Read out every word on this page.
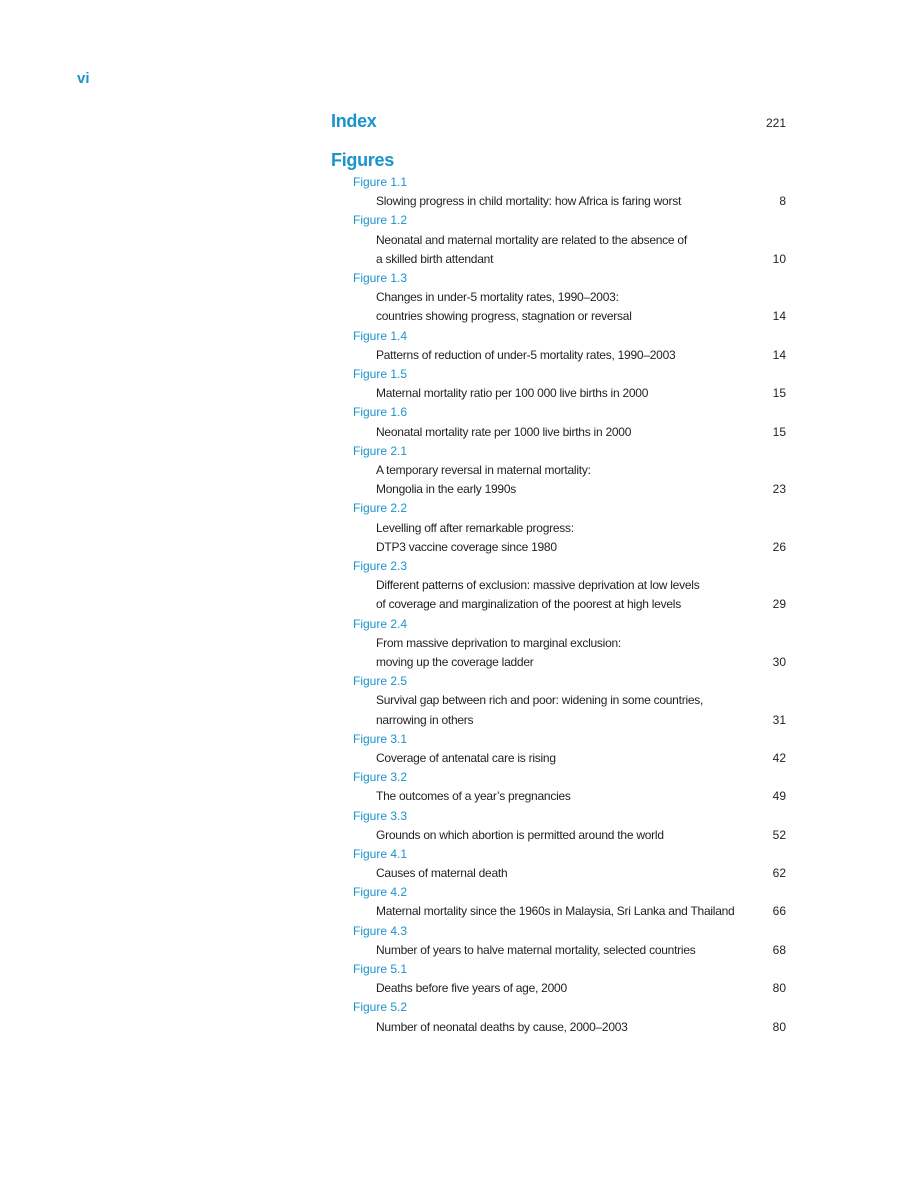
vi
Index	221
Figures
Figure 1.1
Slowing progress in child mortality: how Africa is faring worst	8
Figure 1.2
Neonatal and maternal mortality are related to the absence of
a skilled birth attendant	10
Figure 1.3
Changes in under-5 mortality rates, 1990–2003:
countries showing progress, stagnation or reversal	14
Figure 1.4
Patterns of reduction of under-5 mortality rates, 1990–2003	14
Figure 1.5
Maternal mortality ratio per 100 000 live births in 2000	15
Figure 1.6
Neonatal mortality rate per 1000 live births in 2000	15
Figure 2.1
A temporary reversal in maternal mortality:
Mongolia in the early 1990s	23
Figure 2.2
Levelling off after remarkable progress:
DTP3 vaccine coverage since 1980	26
Figure 2.3
Different patterns of exclusion: massive deprivation at low levels
of coverage and marginalization of the poorest at high levels	29
Figure 2.4
From massive deprivation to marginal exclusion:
moving up the coverage ladder	30
Figure 2.5
Survival gap between rich and poor: widening in some countries,
narrowing in others	31
Figure 3.1
Coverage of antenatal care is rising	42
Figure 3.2
The outcomes of a year’s pregnancies	49
Figure 3.3
Grounds on which abortion is permitted around the world	52
Figure 4.1
Causes of maternal death	62
Figure 4.2
Maternal mortality since the 1960s in Malaysia, Sri Lanka and Thailand	66
Figure 4.3
Number of years to halve maternal mortality, selected countries	68
Figure 5.1
Deaths before five years of age, 2000	80
Figure 5.2
Number of neonatal deaths by cause, 2000–2003	80
